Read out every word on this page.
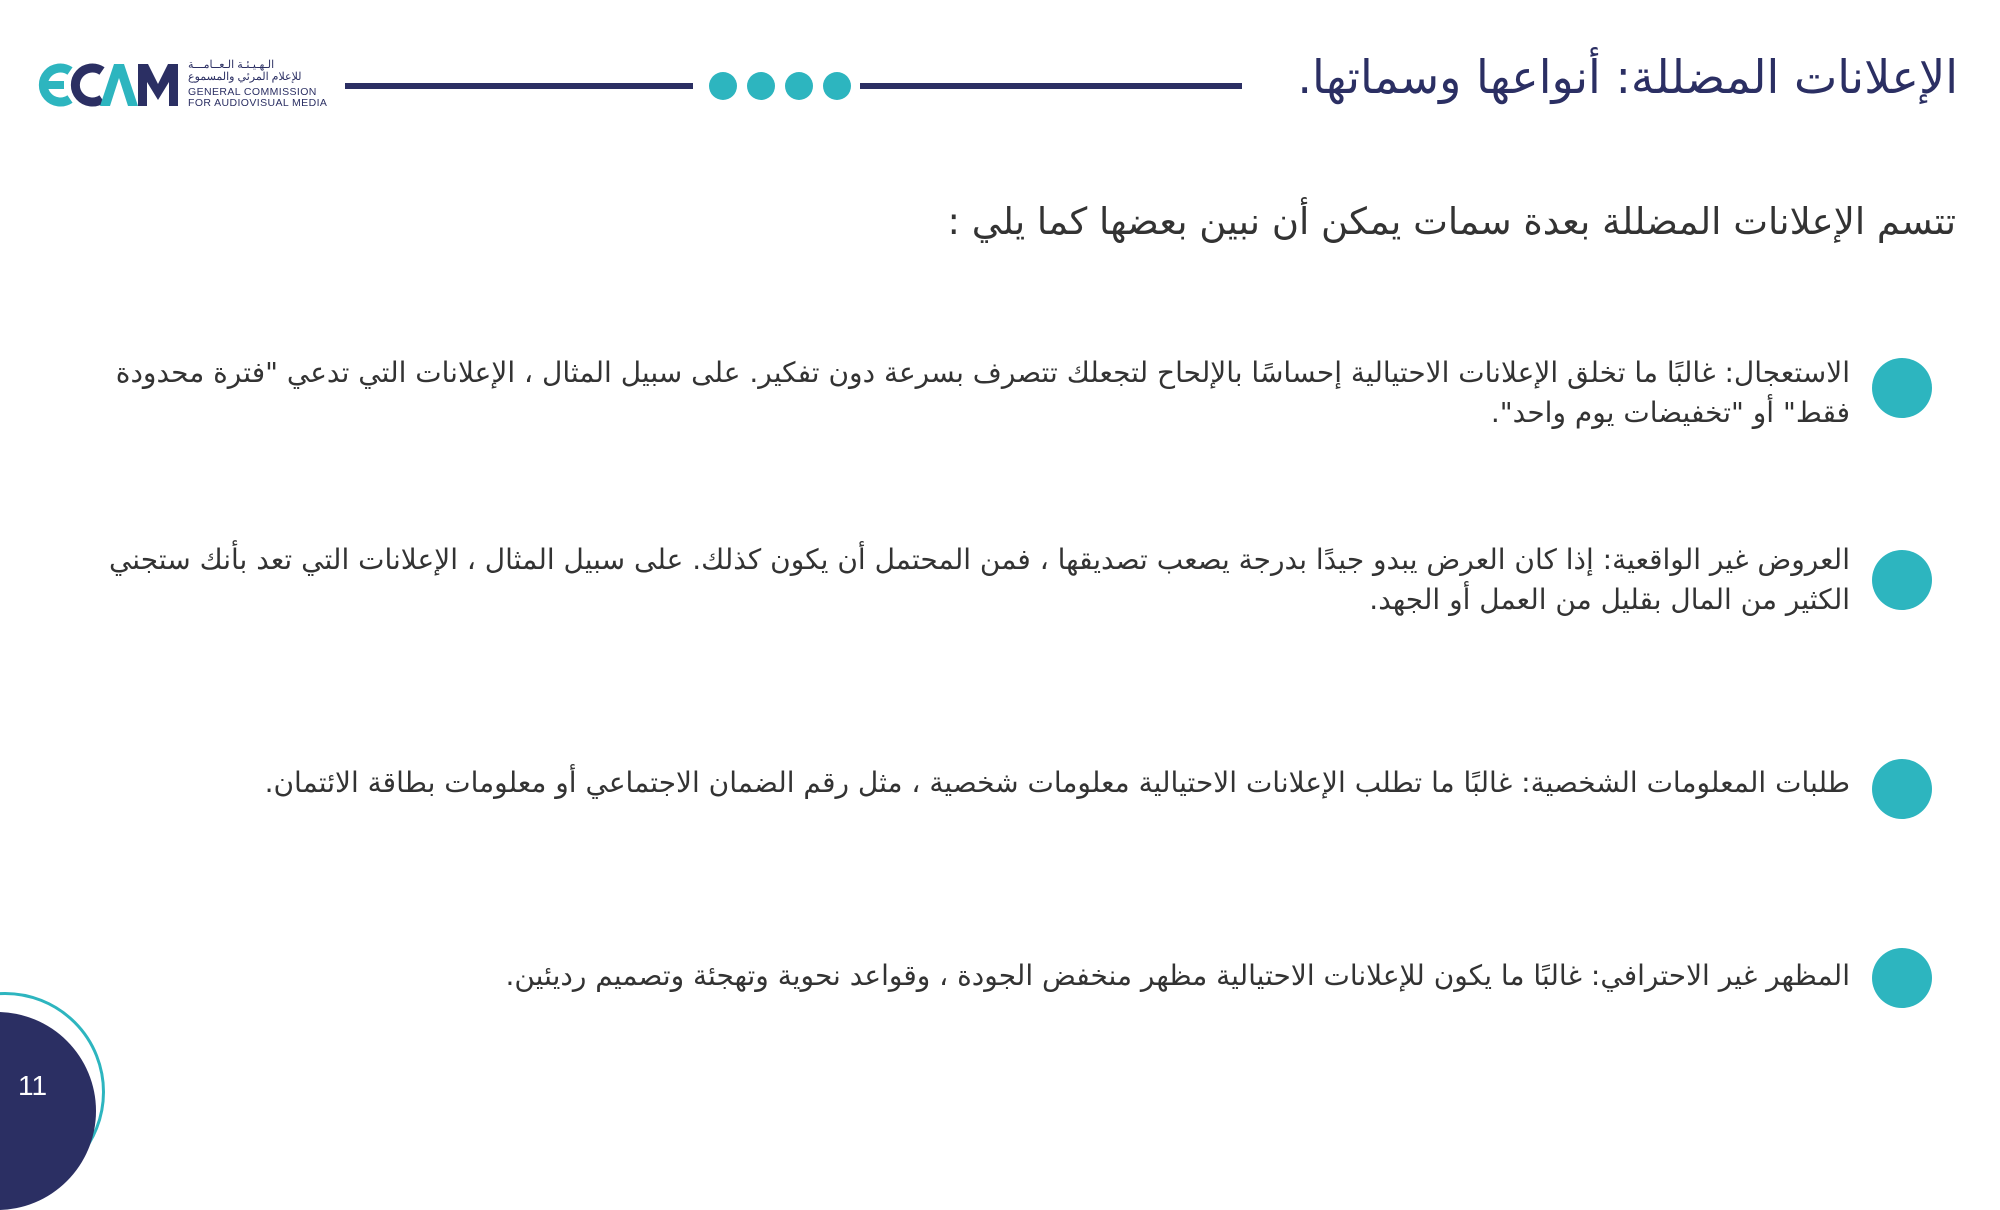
الـهـيـئـة الـعــامـــة
للإعلام المرئي والمسموع
GENERAL COMMISSION
FOR AUDIOVISUAL MEDIA	الإعلانات المضللة: أنواعها وسماتها.
تتسم الإعلانات المضللة بعدة سمات يمكن أن نبين بعضها كما يلي :
الاستعجال: غالبًا ما تخلق الإعلانات الاحتيالية إحساسًا بالإلحاح لتجعلك تتصرف بسرعة دون تفكير. على سبيل المثال ، الإعلانات التي تدعي "فترة محدودة فقط" أو "تخفيضات يوم واحد".
العروض غير الواقعية: إذا كان العرض يبدو جيدًا بدرجة يصعب تصديقها ، فمن المحتمل أن يكون كذلك. على سبيل المثال ، الإعلانات التي تعد بأنك ستجني الكثير من المال بقليل من العمل أو الجهد.
طلبات المعلومات الشخصية: غالبًا ما تطلب الإعلانات الاحتيالية معلومات شخصية ، مثل رقم الضمان الاجتماعي أو معلومات بطاقة الائتمان.
المظهر غير الاحترافي: غالبًا ما يكون للإعلانات الاحتيالية مظهر منخفض الجودة ، وقواعد نحوية وتهجئة وتصميم رديئين.
11
